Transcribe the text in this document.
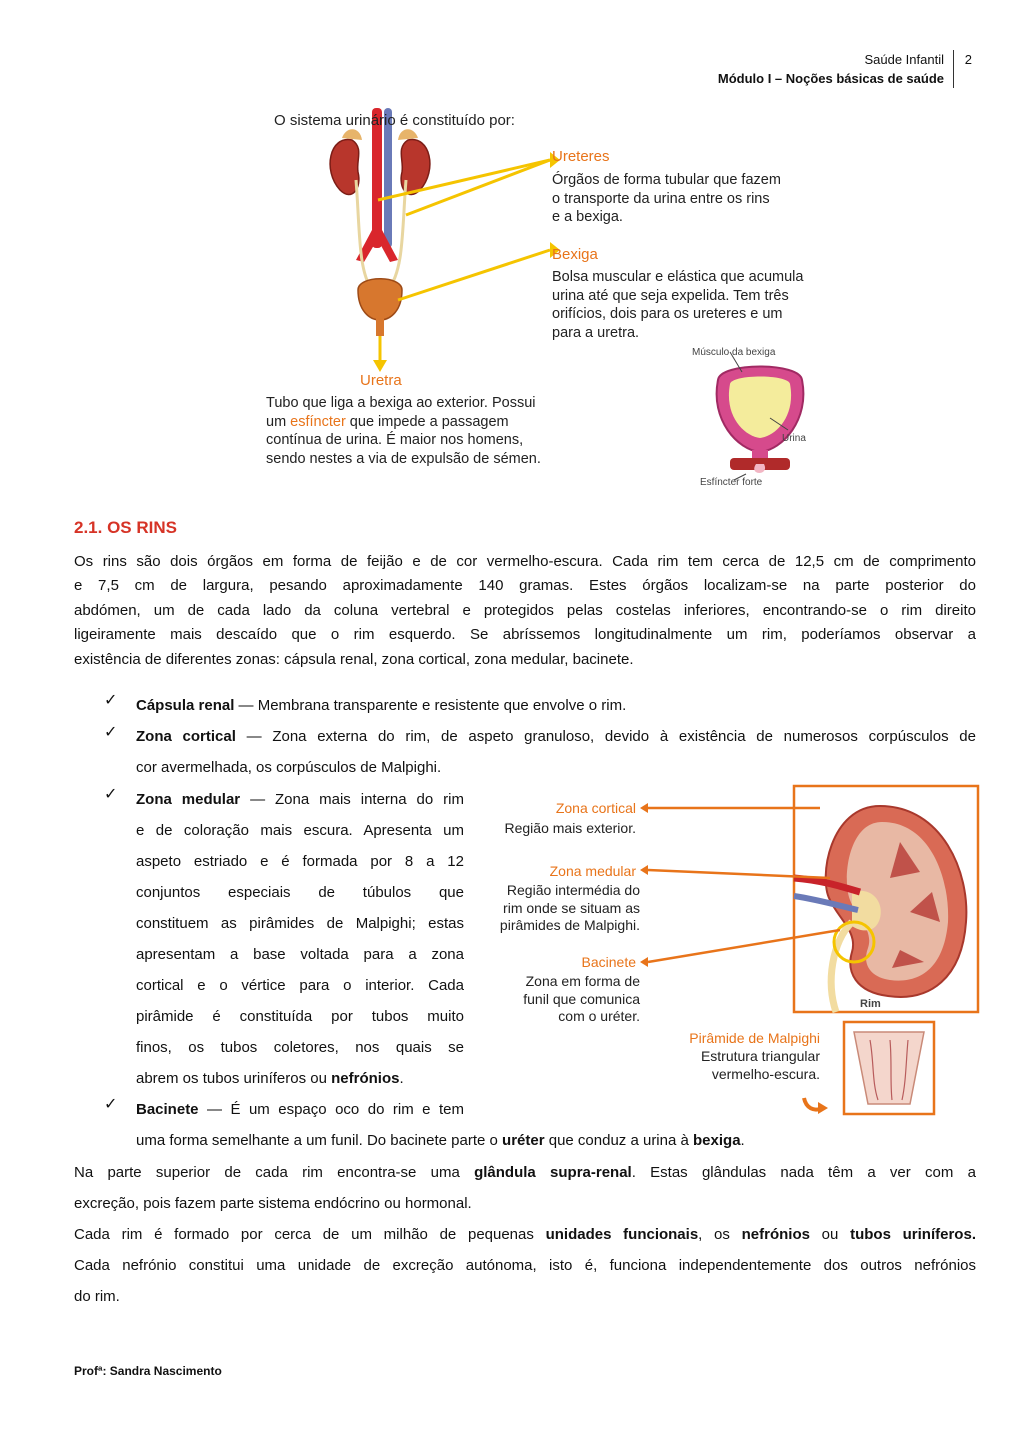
Saúde Infantil
Módulo I – Noções básicas de saúde
2
O sistema urinário é constituído por:
Ureteres
Órgãos de forma tubular que fazem
o transporte da urina entre os rins
e a bexiga.
Bexiga
Bolsa muscular e elástica que acumula
urina até que seja expelida. Tem três
orifícios, dois para os ureteres e um
para a uretra.
Músculo da bexiga
Urina
Esfíncter forte
Uretra
Tubo que liga a bexiga ao exterior. Possui
um esfíncter que impede a passagem
contínua de urina. É maior nos homens,
sendo nestes a via de expulsão de sémen.
2.1. OS RINS
Os rins são dois órgãos em forma de feijão e de cor vermelho-escura. Cada rim tem cerca de 12,5 cm de comprimento
e 7,5 cm de largura, pesando aproximadamente 140 gramas. Estes órgãos localizam-se na parte posterior do
abdómen, um de cada lado da coluna vertebral e protegidos pelas costelas inferiores, encontrando-se o rim direito
ligeiramente mais descaído que o rim esquerdo. Se abríssemos longitudinalmente um rim, poderíamos observar a
existência de diferentes zonas: cápsula renal, zona cortical, zona medular, bacinete.
✓ Cápsula renal — Membrana transparente e resistente que envolve o rim.
✓ Zona cortical — Zona externa do rim, de aspeto granuloso, devido à existência de numerosos corpúsculos de
cor avermelhada, os corpúsculos de Malpighi.
✓ Zona medular — Zona mais interna do rim
e de coloração mais escura. Apresenta um
aspeto estriado e é formada por 8 a 12
conjuntos especiais de túbulos que
constituem as pirâmides de Malpighi; estas
apresentam a base voltada para a zona
cortical e o vértice para o interior. Cada
pirâmide é constituída por tubos muito
finos, os tubos coletores, nos quais se
abrem os tubos uriníferos ou nefrónios.
✓ Bacinete — É um espaço oco do rim e tem
uma forma semelhante a um funil. Do bacinete parte o uréter que conduz a urina à bexiga.
Na parte superior de cada rim encontra-se uma glândula supra-renal. Estas glândulas nada têm a ver com a
excreção, pois fazem parte sistema endócrino ou hormonal.
Cada rim é formado por cerca de um milhão de pequenas unidades funcionais, os nefrónios ou tubos uriníferos.
Cada nefrónio constitui uma unidade de excreção autónoma, isto é, funciona independentemente dos outros nefrónios
do rim.
Zona cortical
Região mais exterior.
Zona medular
Região intermédia do
rim onde se situam as
pirâmides de Malpighi.
Bacinete
Zona em forma de
funil que comunica
com o uréter.
Rim
Pirâmide de Malpighi
Estrutura triangular
vermelho-escura.
Profª: Sandra Nascimento
